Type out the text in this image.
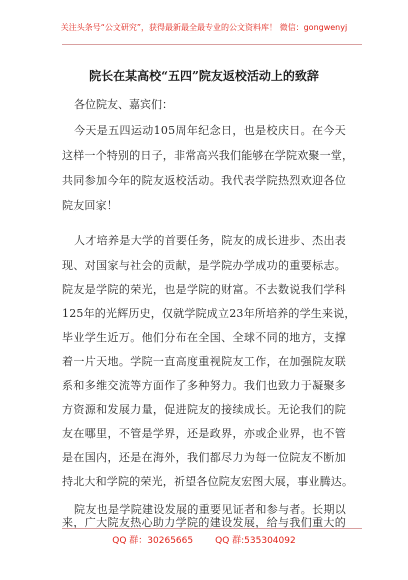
关注头条号“公文研究”，获得最新最全最专业的公文资料库！ 微信：gongwenyj
院长在某高校“五四”院友返校活动上的致辞
各位院友、嘉宾们：
今天是五四运动105周年纪念日，也是校庆日。在今天
这样一个特别的日子，非常高兴我们能够在学院欢聚一堂，
共同参加今年的院友返校活动。我代表学院热烈欢迎各位
院友回家！
人才培养是大学的首要任务，院友的成长进步、杰出表
现、对国家与社会的贡献，是学院办学成功的重要标志。
院友是学院的荣光，也是学院的财富。不去数说我们学科
125年的光辉历史，仅就学院成立23年所培养的学生来说，
毕业学生近万。他们分布在全国、全球不同的地方，支撑
着一片天地。学院一直高度重视院友工作，在加强院友联
系和多维交流等方面作了多种努力。我们也致力于凝聚多
方资源和发展力量，促进院友的接续成长。无论我们的院
友在哪里，不管是学界，还是政界，亦或企业界，也不管
是在国内，还是在海外，我们都尽力为每一位院友不断加
持北大和学院的荣光，祈望各位院友宏图大展，事业腾达。
院友也是学院建设发展的重要见证者和参与者。长期以
来，广大院友热心助力学院的建设发展，给与我们重大的
QQ 群：30265665 QQ 群:535304092
